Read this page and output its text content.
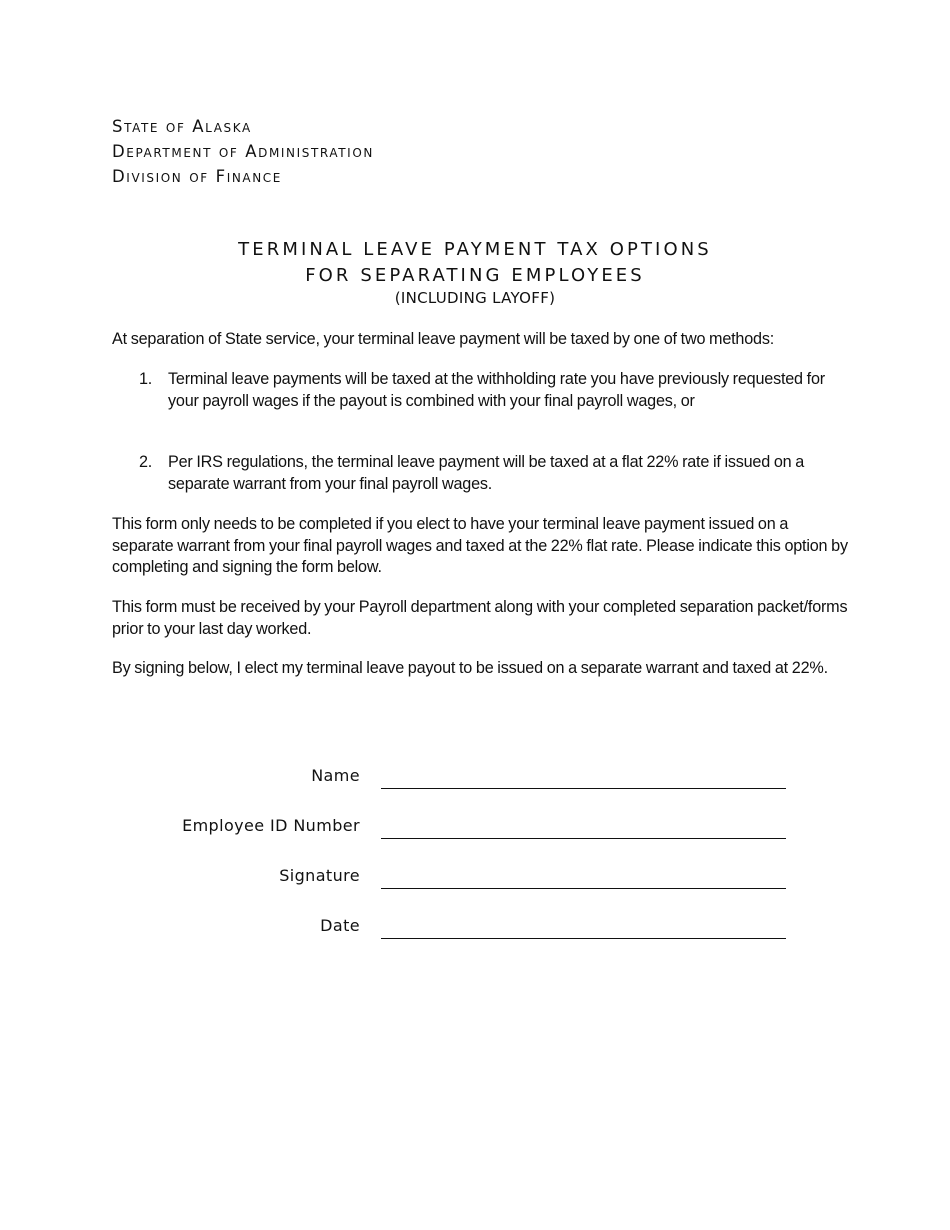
State of Alaska
Department of Administration
Division of Finance
TERMINAL LEAVE PAYMENT TAX OPTIONS
FOR SEPARATING EMPLOYEES
(INCLUDING LAYOFF)
At separation of State service, your terminal leave payment will be taxed by one of two methods:
1. Terminal leave payments will be taxed at the withholding rate you have previously requested for your payroll wages if the payout is combined with your final payroll wages, or
2. Per IRS regulations, the terminal leave payment will be taxed at a flat 22% rate if issued on a separate warrant from your final payroll wages.
This form only needs to be completed if you elect to have your terminal leave payment issued on a separate warrant from your final payroll wages and taxed at the 22% flat rate. Please indicate this option by completing and signing the form below.
This form must be received by your Payroll department along with your completed separation packet/forms prior to your last day worked.
By signing below, I elect my terminal leave payout to be issued on a separate warrant and taxed at 22%.
Name
Employee ID Number
Signature
Date
